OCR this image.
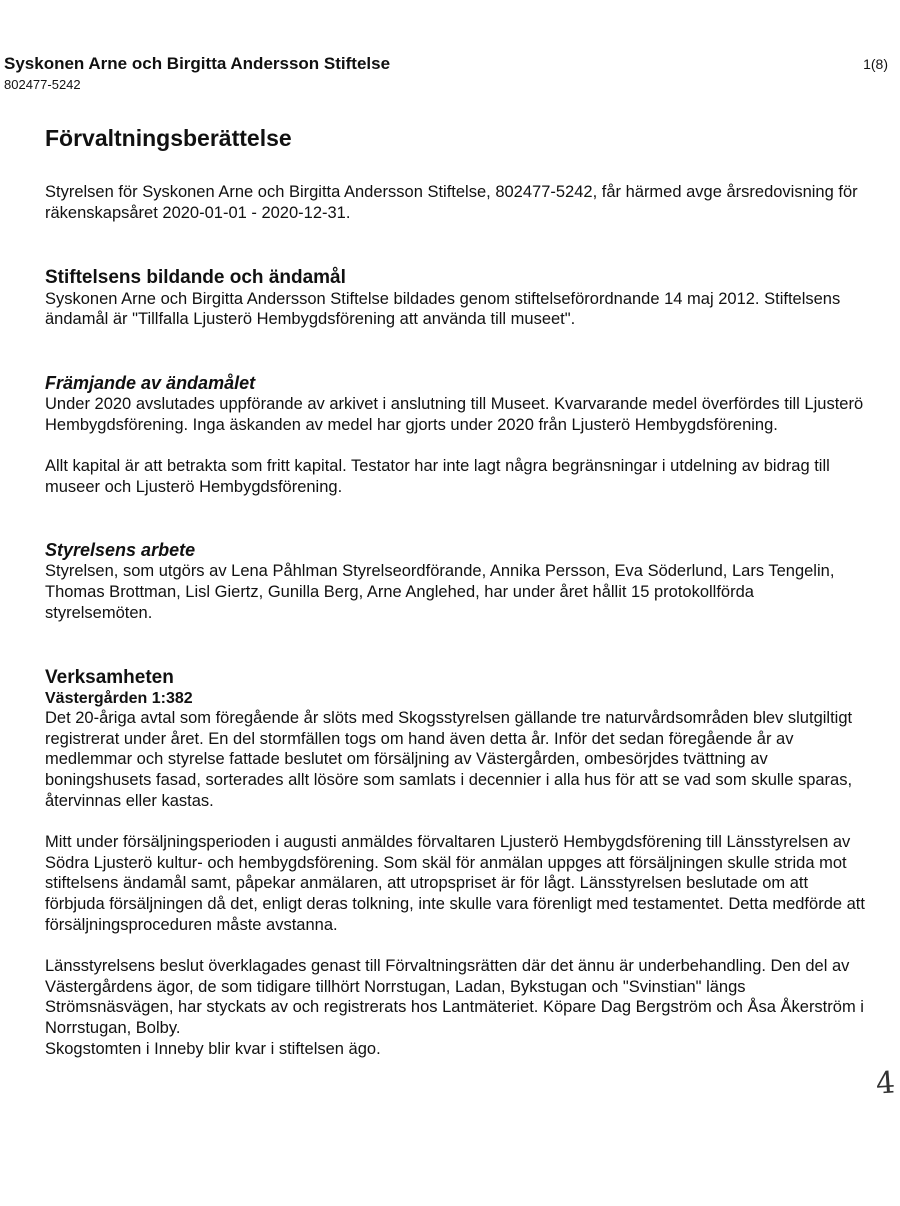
Syskonen Arne och Birgitta Andersson Stiftelse
802477-5242
1(8)
Förvaltningsberättelse

Styrelsen för Syskonen Arne och Birgitta Andersson Stiftelse, 802477-5242, får härmed avge årsredovisning för räkenskapsåret 2020-01-01 - 2020-12-31.

Stiftelsens bildande och ändamål

Syskonen Arne och Birgitta Andersson Stiftelse bildades genom stiftelseförordnande 14 maj 2012. Stiftelsens ändamål är "Tillfalla Ljusterö Hembygdsförening att använda till museet".

Främjande av ändamålet

Under 2020 avslutades uppförande av arkivet i anslutning till Museet. Kvarvarande medel överfördes till Ljusterö Hembygdsförening. Inga äskanden av medel har gjorts under 2020 från Ljusterö Hembygdsförening.

Allt kapital är att betrakta som fritt kapital. Testator har inte lagt några begränsningar i utdelning av bidrag till museer och Ljusterö Hembygdsförening.

Styrelsens arbete

Styrelsen, som utgörs av Lena Påhlman Styrelseordförande, Annika Persson, Eva Söderlund, Lars Tengelin, Thomas Brottman, Lisl Giertz, Gunilla Berg, Arne Anglehed, har under året hållit 15 protokollförda styrelsemöten.

Verksamheten
Västergården 1:382

Det 20-åriga avtal som föregående år slöts med Skogsstyrelsen gällande tre naturvårdsområden blev slutgiltigt registrerat under året. En del stormfällen togs om hand även detta år. Inför det sedan föregående år av medlemmar och styrelse fattade beslutet om försäljning av Västergården, ombesörjdes tvättning av boningshusets fasad, sorterades allt lösöre som samlats i decennier i alla hus för att se vad som skulle sparas, återvinnas eller kastas.

Mitt under försäljningsperioden i augusti anmäldes förvaltaren Ljusterö Hembygdsförening till Länsstyrelsen av Södra Ljusterö kultur- och hembygdsförening. Som skäl för anmälan uppges att försäljningen skulle strida mot stiftelsens ändamål samt, påpekar anmälaren, att utropspriset är för lågt. Länsstyrelsen beslutade om att förbjuda försäljningen då det, enligt deras tolkning, inte skulle vara förenligt med testamentet. Detta medförde att försäljningsproceduren måste avstanna.

Länsstyrelsens beslut överklagades genast till Förvaltningsrätten där det ännu är underbehandling. Den del av Västergårdens ägor, de som tidigare tillhört Norrstugan, Ladan, Bykstugan och "Svinstian" längs Strömsnäsvägen, har styckats av och registrerats hos Lantmäteriet. Köpare Dag Bergström och Åsa Åkerström i Norrstugan, Bolby.

Skogstomten i Inneby blir kvar i stiftelsen ägo.

4
